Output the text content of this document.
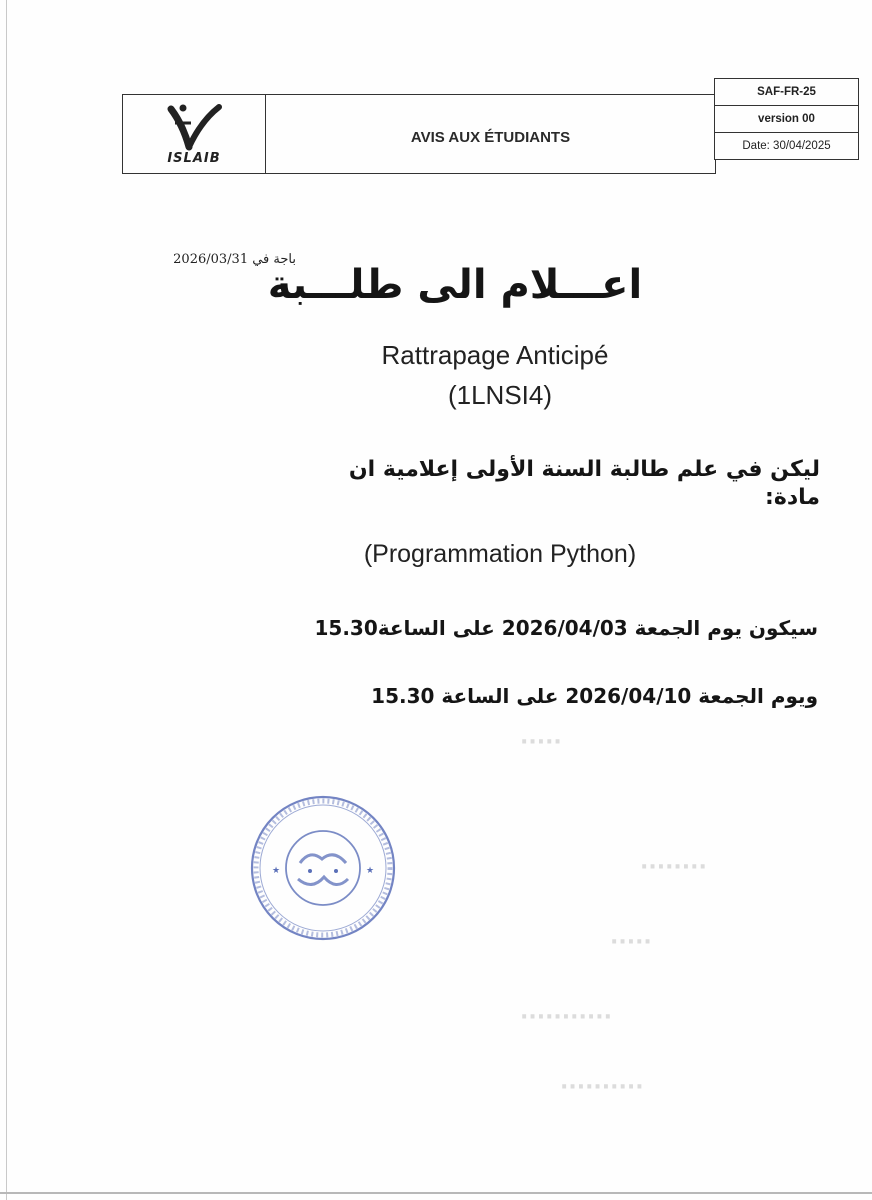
ISLAIB
AVIS AUX ÉTUDIANTS
SAF-FR-25
version 00
Date: 30/04/2025
باجة في 2026/03/31
اعـــلام الى طلـــبة
Rattrapage Anticipé
(1LNSI4)
ليكن في علم طالبة السنة الأولى إعلامية ان مادة:
(Programmation Python)
سيكون يوم الجمعة 2026/04/03 على الساعة15.30
ويوم الجمعة 2026/04/10 على الساعة 15.30
★	★
·····
········
·····
···········
··········
